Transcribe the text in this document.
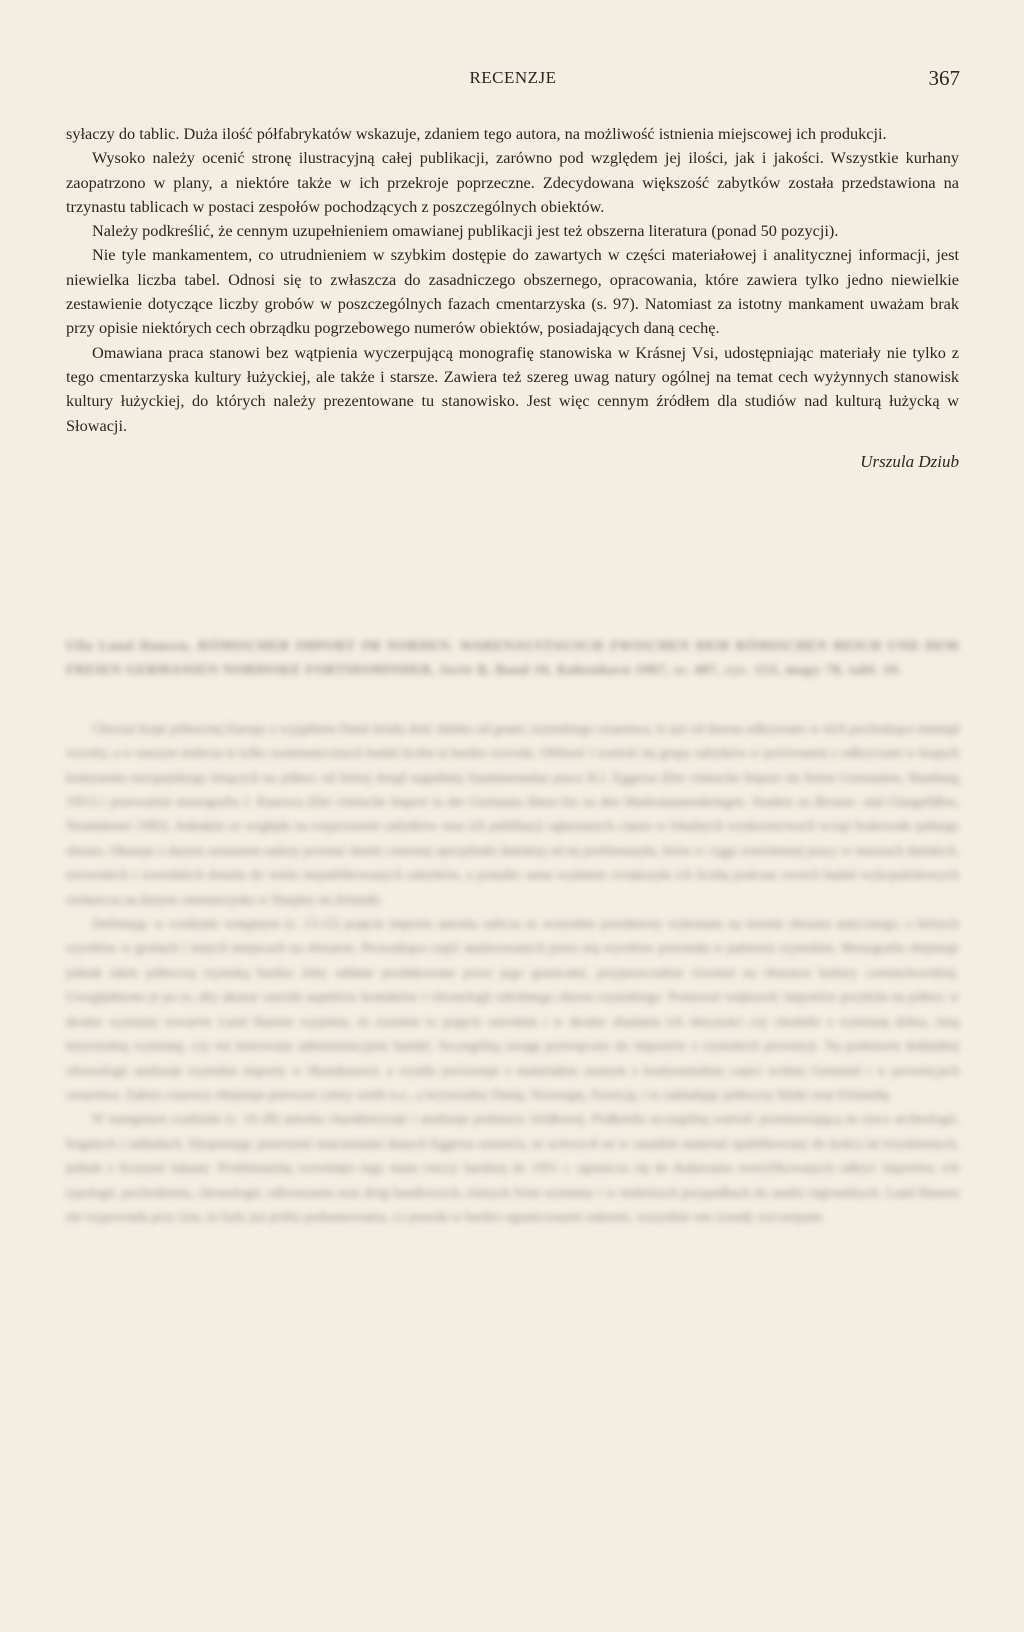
RECENZJE	367

syłaczy do tablic. Duża ilość półfabrykatów wskazuje, zdaniem tego autora, na możliwość istnienia miejscowej ich produkcji.

Wysoko należy ocenić stronę ilustracyjną całej publikacji, zarówno pod względem jej ilości, jak i jakości. Wszystkie kurhany zaopatrzono w plany, a niektóre także w ich przekroje poprzeczne. Zdecydowana większość zabytków została przedstawiona na trzynastu tablicach w postaci zespołów pochodzących z poszczególnych obiektów.

Należy podkreślić, że cennym uzupełnieniem omawianej publikacji jest też obszerna literatura (ponad 50 pozycji).

Nie tyle mankamentem, co utrudnieniem w szybkim dostępie do zawartych w części materiałowej i analitycznej informacji, jest niewielka liczba tabel. Odnosi się to zwłaszcza do zasadniczego obszernego, opracowania, które zawiera tylko jedno niewielkie zestawienie dotyczące liczby grobów w poszczególnych fazach cmentarzyska (s. 97). Natomiast za istotny mankament uważam brak przy opisie niektórych cech obrządku pogrzebowego numerów obiektów, posiadających daną cechę.

Omawiana praca stanowi bez wątpienia wyczerpującą monografię stanowiska w Krásnej Vsi, udostępniając materiały nie tylko z tego cmentarzyska kultury łużyckiej, ale także i starsze. Zawiera też szereg uwag natury ogólnej na temat cech wyżynnych stanowisk kultury łużyckiej, do których należy prezentowane tu stanowisko. Jest więc cennym źródłem dla studiów nad kulturą łużycką w Słowacji.

Urszula Dziub

Ulla Lund Hansen, RÖMISCHER IMPORT IM NORDEN. WARENAUSTAUSCH ZWISCHEN DEM RÖMISCHEN REICH UND DEM FREIEN GERMANIEN NORDISKE FORTIDSMINDER, Serie B, Band 10, København 1987, ss. 487, ryc. 153, mapy 78, tabl. 19.

Chociaż kraje północnej Europy z wyjątkiem Danii leżały dość daleko od granic rzymskiego cesarstwa, to już od dawna odkrywano w nich pochodzące stamtąd wyroby, a w naszym stuleciu te tylko systematycznych badań liczba ta bardzo wzrosła. Obfitość i wartość tej grupy zabytków w porównaniu z odkryciami w krajach kontynentu europejskiego leżących na północ od której dotąd najpełniej fundamentalna praca H.J. Eggersa (Der römische Import im freien Germanien, Hamburg 1951) i przeważnie monografia J. Kunowa (Der römische Import in der Germania libera bis zu den Markomannenkriegen. Studien zu Bronze- und Glasgefäßen, Neumünster 1983). Jednakże ze względu na rozproszenie zabytków oraz ich publikacji ogłaszanych często w lokalnych wydawnictwach wciąż brakowało pełnego obrazu. Okazuje z dużym uznaniem należy powitać dzieło cenionej specjalistki duńskiej od tej problematyki, która w ciągu wieloletniej pracy w muzeach duńskich, norweskich i szwedzkich dotarła do wielu niepublikowanych zabytków, a ponadto sama wydatnie zwiększyła ich liczbę podczas swoich badań wykopaliskowych zwłaszcza na dużym cmentarzysku w Harpley na Zelandii.

Definiując w rozdziale wstępnym (s. 13-15) pojęcie importu autorka zalicza tu wszystkie przedmioty wykonane na terenie obszaru antycznego, z których wyrobów w grobach i innych miejscach na obszarze. Prowadząca część analizowanych przez nią wyrobów pozostała w państwie rzymskim. Monografia obejmuje jednak także północną rzymską bardzo żeby oddane produkowane przez jego granicami, przypuszczalnie również na obszarze kultury czernachowskiej. Uwzględniono je po to, aby ukazać szeroki aspektów kontaktów i chronologii odrobnego okresu rzymskiego. Ponieważ większość importów przybyła na północ w drodze wymiany towarów Lund Hansen wyjaśnia, że rozumie to pojęcie szerokim i w drodze zbadania ich obecności czy chodziło o wymianę dobra, inną terytorialną wymianę, czy też kierowany administracyjnie handel. Szczególną uwagę poświęcono do importów z rzymskich prowincji. Na podstawie dokładnej chronologii analizuje rzymskie importy w Skandynawii, a wyniki porównuje z materiałem znanym z kontynentalnej części wolnej Germanii i w prowincjach cesarstwa. Zakres czasowy obejmuje pierwsze cztery wieki n.e., a terytorialny Danię, Norwegię, Szwecję, i to zakładając północny fiński oraz Finlandię.

W następnym rozdziale (s. 16-28) autorka charakteryzuje i analizuje podstawy źródłowej. Podkreśla szczególną wartość przemawiającą na rzecz archeologii, bogatych i zakładach. Dysponując prawnymi znaczeniami danych Eggersa zestawia, że uchwycił on w zasadzie materiał opublikowany do końca lat trzydziestych, jednak z licznymi lukami. Problematykę rozwinięto tego stanu rzeczy bardziej do 1951 r. ogranicza się do dodawania zweryfikowanych odkryć importów, ich typologii, pochodzenia, chronologii, odtwarzania oraz dróg handlowych, różnych form wymiany i w niektórych przypadkach do analiz regionalnych. Lund Hansen nie wypowiada przy tym, że były już próby podsumowania, co prawda w bardzo ograniczonym zakresie, wszystkie one zostały wyczerpane.
